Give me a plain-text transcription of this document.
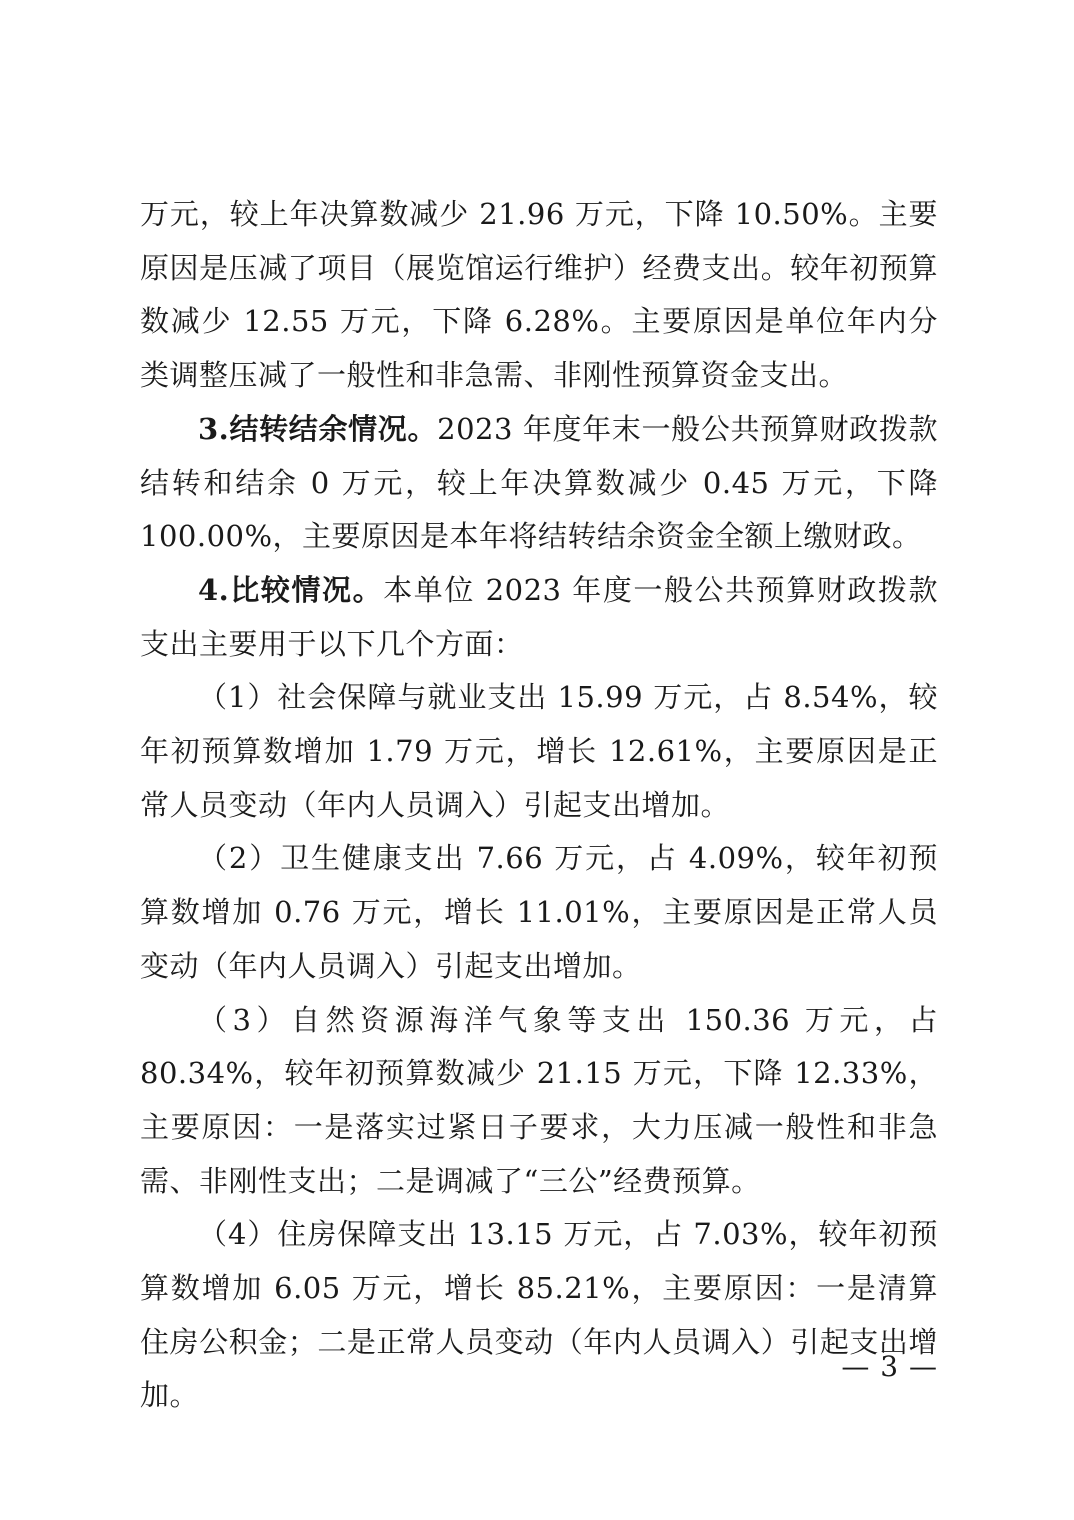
万元，较上年决算数减少 21.96 万元，下降 10.50%。主要原因是压减了项目（展览馆运行维护）经费支出。较年初预算数减少 12.55 万元，下降 6.28%。主要原因是单位年内分类调整压减了一般性和非急需、非刚性预算资金支出。

3.结转结余情况。2023 年度年末一般公共预算财政拨款结转和结余 0 万元，较上年决算数减少 0.45 万元，下降 100.00%，主要原因是本年将结转结余资金全额上缴财政。

4.比较情况。本单位 2023 年度一般公共预算财政拨款支出主要用于以下几个方面：

（1）社会保障与就业支出 15.99 万元，占 8.54%，较年初预算数增加 1.79 万元，增长 12.61%，主要原因是正常人员变动（年内人员调入）引起支出增加。

（2）卫生健康支出 7.66 万元，占 4.09%，较年初预算数增加 0.76 万元，增长 11.01%，主要原因是正常人员变动（年内人员调入）引起支出增加。

（3）自然资源海洋气象等支出 150.36 万元，占 80.34%，较年初预算数减少 21.15 万元，下降 12.33%，主要原因：一是落实过紧日子要求，大力压减一般性和非急需、非刚性支出；二是调减了“三公”经费预算。

（4）住房保障支出 13.15 万元，占 7.03%，较年初预算数增加 6.05 万元，增长 85.21%，主要原因：一是清算住房公积金；二是正常人员变动（年内人员调入）引起支出增加。

— 3 —
